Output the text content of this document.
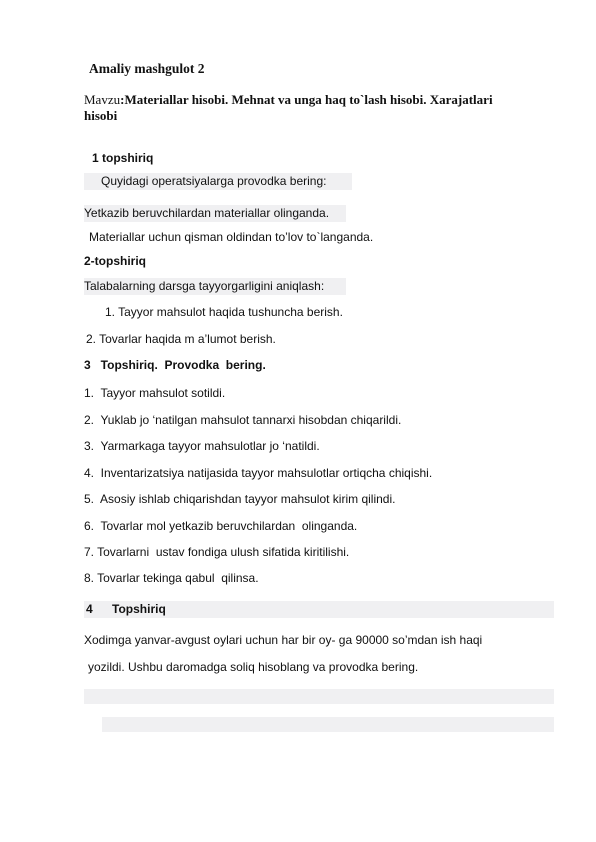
Amaliy mashgulot 2
Mavzu:Materiallar hisobi. Mehnat va unga haq to`lash hisobi. Xarajatlari
hisobi
1 topshiriq
Quyidagi operatsiyalarga provodka bering:
Yetkazib beruvchilardan materiallar olinganda.
Materiallar uchun qisman oldindan to’lov to`langanda.
2-topshiriq
Talabalarning darsga tayyorgarligini aniqlash:
1. Tayyor mahsulot haqida tushuncha berish.
2. Tovarlar haqida m a’lumot berish.
3   Topshiriq.  Provodka  bering.
1.  Tayyor mahsulot sotildi.
2.  Yuklab jo ‘natilgan mahsulot tannarxi hisobdan chiqarildi.
3.  Yarmarkaga tayyor mahsulotlar jo ‘natildi.
4.  Inventarizatsiya natijasida tayyor mahsulotlar ortiqcha chiqishi.
5.  Asosiy ishlab chiqarishdan tayyor mahsulot kirim qilindi.
6.  Tovarlar mol yetkazib beruvchilardan  olinganda.
7. Tovarlarni  ustav fondiga ulush sifatida kiritilishi.
8. Tovarlar tekinga qabul  qilinsa.
4 Topshiriq
Xodimga yanvar-avgust oylari uchun har bir oy- ga 90000 so’mdan ish haqi
yozildi. Ushbu daromadga soliq hisoblang va provodka bering.
